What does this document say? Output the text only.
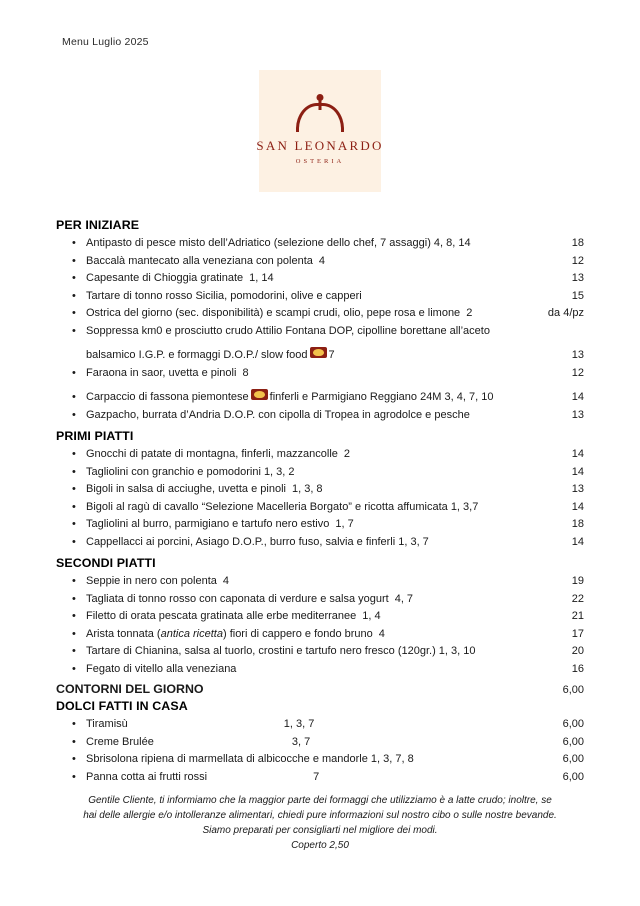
Menu Luglio 2025
SAN LEONARDO
OSTERIA
PER INIZIARE
• Antipasto di pesce misto dell’Adriatico (selezione dello chef, 7 assaggi) 4, 8, 14	18
• Baccalà mantecato alla veneziana con polenta 4	12
• Capesante di Chioggia gratinate 1, 14	13
• Tartare di tonno rosso Sicilia, pomodorini, olive e capperi	15
• Ostrica del giorno (sec. disponibilità) e scampi crudi, olio, pepe rosa e limone 2	da 4/pz
• Soppressa km0 e prosciutto crudo Attilio Fontana DOP, cipolline borettane all’aceto
balsamico I.G.P. e formaggi D.O.P./ slow food 7	13
• Faraona in saor, uvetta e pinoli 8	12
• Carpaccio di fassona piemontese finferli e Parmigiano Reggiano 24M 3, 4, 7, 10	14
• Gazpacho, burrata d’Andria D.O.P. con cipolla di Tropea in agrodolce e pesche	13
PRIMI PIATTI
• Gnocchi di patate di montagna, finferli, mazzancolle 2	14
• Tagliolini con granchio e pomodorini 1, 3, 2	14
• Bigoli in salsa di acciughe, uvetta e pinoli 1, 3, 8	13
• Bigoli al ragù di cavallo “Selezione Macelleria Borgato” e ricotta affumicata 1, 3,7	14
• Tagliolini al burro, parmigiano e tartufo nero estivo 1, 7	18
• Cappellacci ai porcini, Asiago D.O.P., burro fuso, salvia e finferli 1, 3, 7	14
SECONDI PIATTI
• Seppie in nero con polenta 4	19
• Tagliata di tonno rosso con caponata di verdure e salsa yogurt 4, 7	22
• Filetto di orata pescata gratinata alle erbe mediterranee 1, 4	21
• Arista tonnata (antica ricetta) fiori di cappero e fondo bruno 4	17
• Tartare di Chianina, salsa al tuorlo, crostini e tartufo nero fresco (120gr.) 1, 3, 10	20
• Fegato di vitello alla veneziana	16
CONTORNI DEL GIORNO	6,00
DOLCI FATTI IN CASA
• Tiramisù	1, 3, 7	6,00
• Creme Brulée	3, 7	6,00
• Sbrisolona ripiena di marmellata di albicocche e mandorle 1, 3, 7, 8	6,00
• Panna cotta ai frutti rossi	7	6,00
Gentile Cliente, ti informiamo che la maggior parte dei formaggi che utilizziamo è a latte crudo; inoltre, se
hai delle allergie e/o intolleranze alimentari, chiedi pure informazioni sul nostro cibo o sulle nostre bevande.
Siamo preparati per consigliarti nel migliore dei modi.
Coperto 2,50
